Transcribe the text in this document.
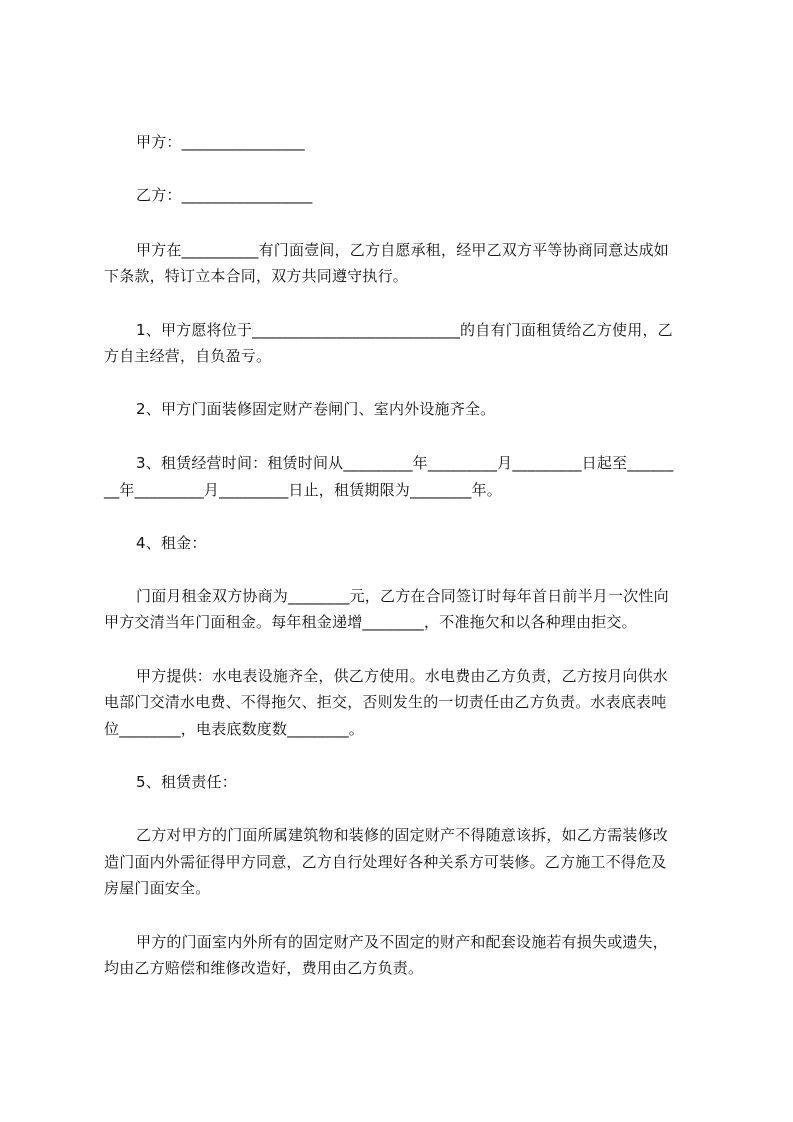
甲方：________________
乙方：_________________
甲方在__________有门面壹间，乙方自愿承租，经甲乙双方平等协商同意达成如
下条款，特订立本合同，双方共同遵守执行。
1、甲方愿将位于___________________________的自有门面租赁给乙方使用，乙
方自主经营，自负盈亏。
2、甲方门面装修固定财产卷闸门、室内外设施齐全。
3、租赁经营时间：租赁时间从_________年_________月_________日起至______
__年_________月_________日止，租赁期限为________年。
4、租金：
门面月租金双方协商为________元，乙方在合同签订时每年首日前半月一次性向
甲方交清当年门面租金。每年租金递增________，不准拖欠和以各种理由拒交。
甲方提供：水电表设施齐全，供乙方使用。水电费由乙方负责，乙方按月向供水
电部门交清水电费、不得拖欠、拒交，否则发生的一切责任由乙方负责。水表底表吨
位________，电表底数度数________。
5、租赁责任：
乙方对甲方的门面所属建筑物和装修的固定财产不得随意该拆，如乙方需装修改
造门面内外需征得甲方同意，乙方自行处理好各种关系方可装修。乙方施工不得危及
房屋门面安全。
甲方的门面室内外所有的固定财产及不固定的财产和配套设施若有损失或遗失，
均由乙方赔偿和维修改造好，费用由乙方负责。
